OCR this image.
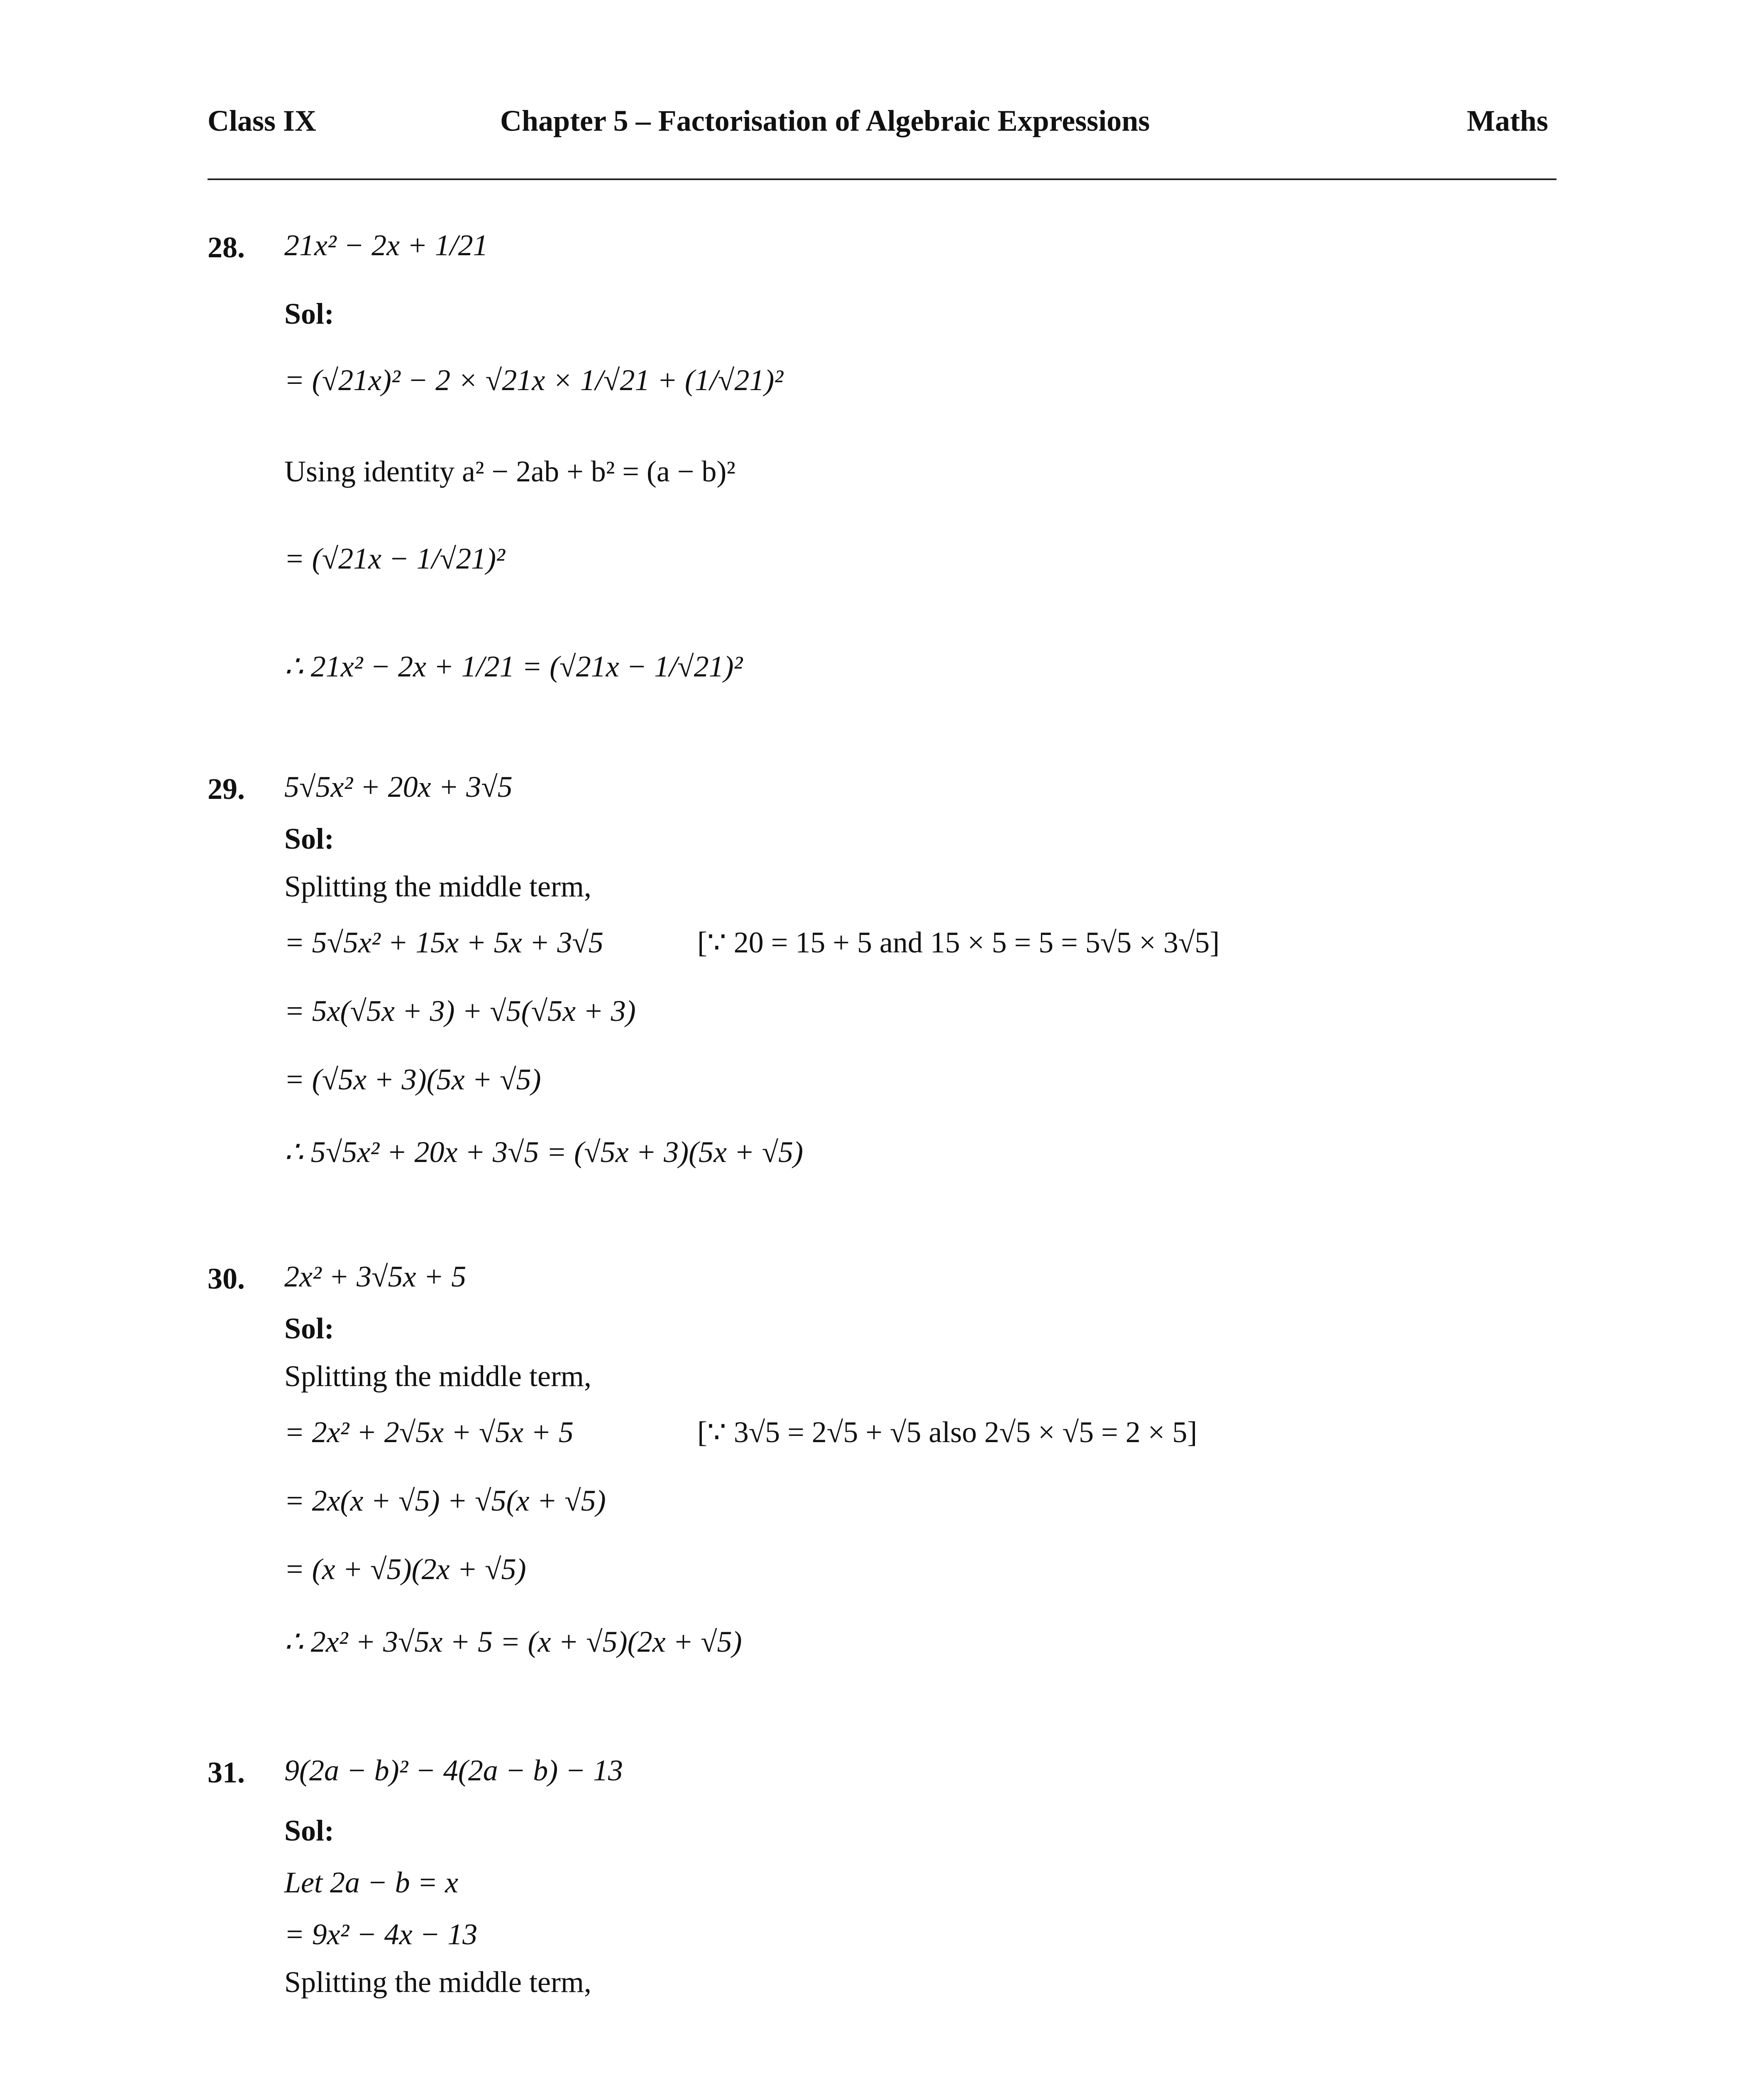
Class IX	Chapter 5 – Factorisation of Algebraic Expressions	Maths
28. 21x² − 2x + 1/21
Sol:
= (√21x)² − 2 × √21x × 1/√21 + (1/√21)²
Using identity a² − 2ab + b² = (a − b)²
= (√21x − 1/√21)²
∴ 21x² − 2x + 1/21 = (√21x − 1/√21)²
29. 5√5x² + 20x + 3√5
Sol:
Splitting the middle term,
= 5√5x² + 15x + 5x + 3√5	[∵ 20 = 15 + 5 and 15 × 5 = 5 = 5√5 × 3√5]
= 5x(√5x + 3) + √5(√5x + 3)
= (√5x + 3)(5x + √5)
∴ 5√5x² + 20x + 3√5 = (√5x + 3)(5x + √5)
30. 2x² + 3√5x + 5
Sol:
Splitting the middle term,
= 2x² + 2√5x + √5x + 5	[∵ 3√5 = 2√5 + √5 also 2√5 × √5 = 2 × 5]
= 2x(x + √5) + √5(x + √5)
= (x + √5)(2x + √5)
∴ 2x² + 3√5x + 5 = (x + √5)(2x + √5)
31. 9(2a − b)² − 4(2a − b) − 13
Sol:
Let 2a − b = x
= 9x² − 4x − 13
Splitting the middle term,
